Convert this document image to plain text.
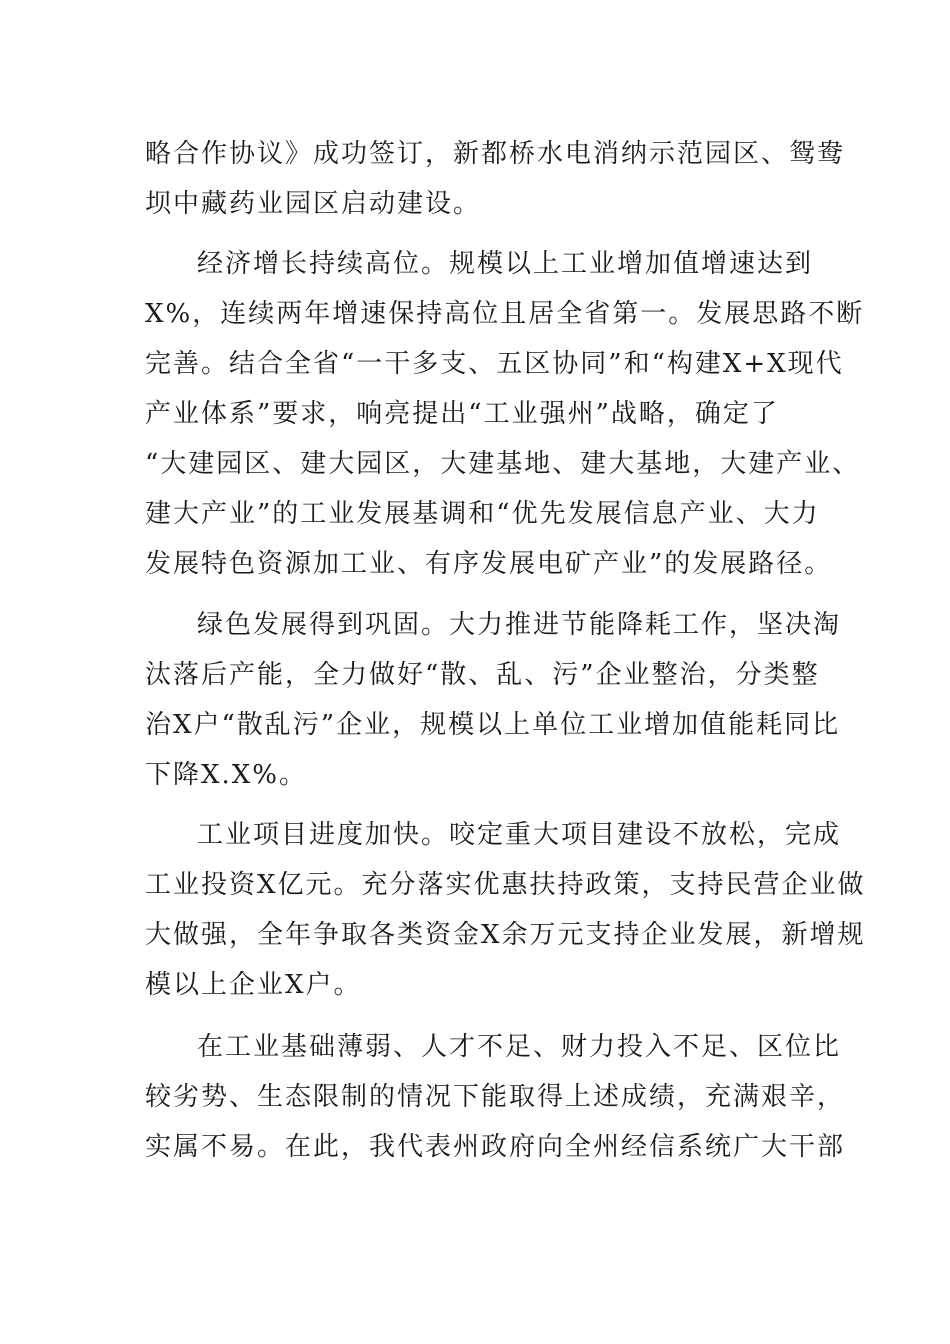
略合作协议》成功签订，新都桥水电消纳示范园区、鸳鸯
坝中藏药业园区启动建设。
经济增长持续高位。规模以上工业增加值增速达到
X%，连续两年增速保持高位且居全省第一。发展思路不断
完善。结合全省“一干多支、五区协同”和“构建X+X现代
产业体系”要求，响亮提出“工业强州”战略，确定了
“大建园区、建大园区，大建基地、建大基地，大建产业、
建大产业”的工业发展基调和“优先发展信息产业、大力
发展特色资源加工业、有序发展电矿产业”的发展路径。
绿色发展得到巩固。大力推进节能降耗工作，坚决淘
汰落后产能，全力做好“散、乱、污”企业整治，分类整
治X户“散乱污”企业，规模以上单位工业增加值能耗同比
下降X.X%。
工业项目进度加快。咬定重大项目建设不放松，完成
工业投资X亿元。充分落实优惠扶持政策，支持民营企业做
大做强，全年争取各类资金X余万元支持企业发展，新增规
模以上企业X户。
在工业基础薄弱、人才不足、财力投入不足、区位比
较劣势、生态限制的情况下能取得上述成绩，充满艰辛，
实属不易。在此，我代表州政府向全州经信系统广大干部
